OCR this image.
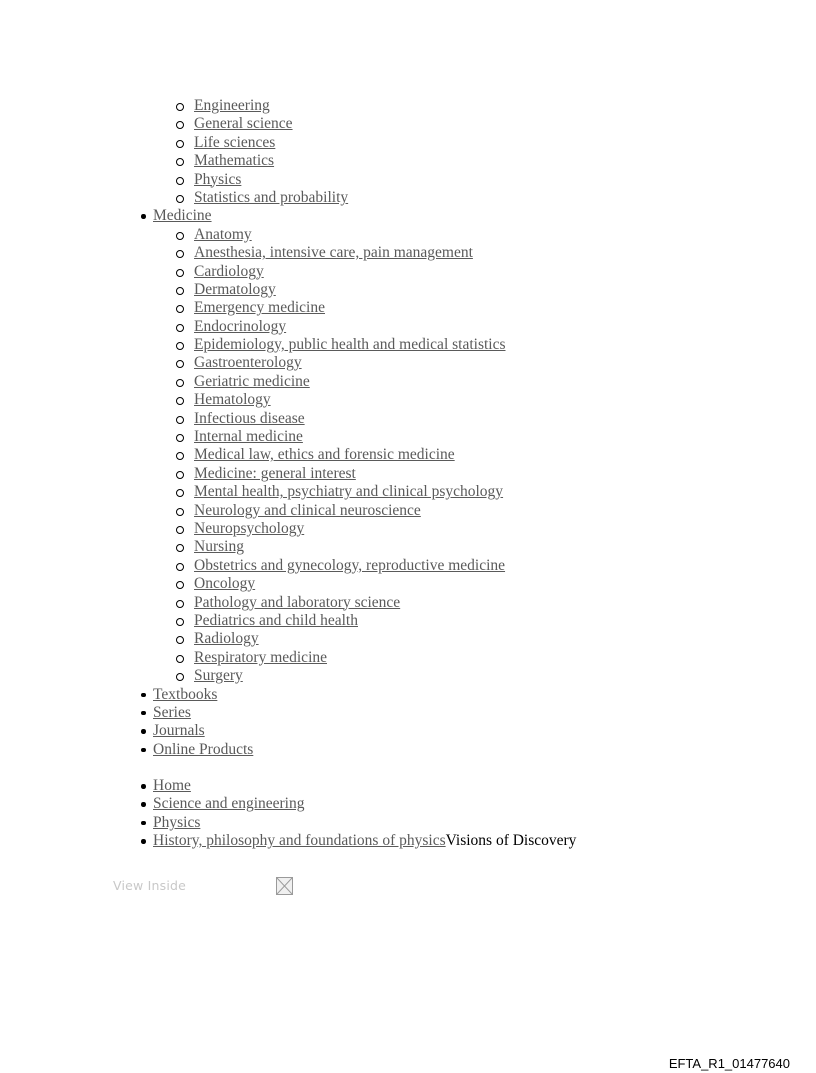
Engineering
General science
Life sciences
Mathematics
Physics
Statistics and probability
Medicine
Anatomy
Anesthesia, intensive care, pain management
Cardiology
Dermatology
Emergency medicine
Endocrinology
Epidemiology, public health and medical statistics
Gastroenterology
Geriatric medicine
Hematology
Infectious disease
Internal medicine
Medical law, ethics and forensic medicine
Medicine: general interest
Mental health, psychiatry and clinical psychology
Neurology and clinical neuroscience
Neuropsychology
Nursing
Obstetrics and gynecology, reproductive medicine
Oncology
Pathology and laboratory science
Pediatrics and child health
Radiology
Respiratory medicine
Surgery
Textbooks
Series
Journals
Online Products
Home
Science and engineering
Physics
History, philosophy and foundations of physicsVisions of Discovery
View Inside
EFTA_R1_01477640
